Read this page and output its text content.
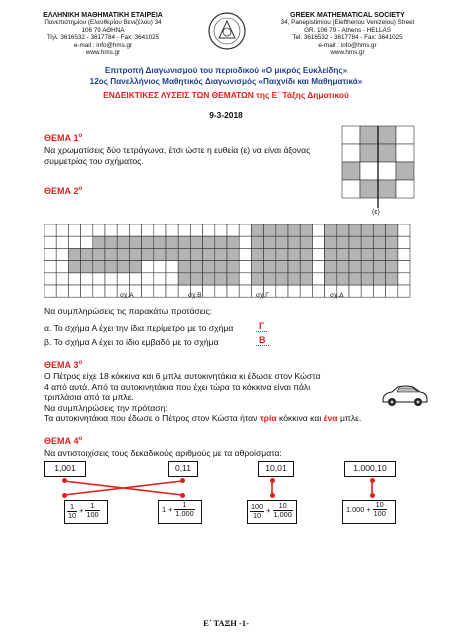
ΕΛΛΗΝΙΚΗ ΜΑΘΗΜΑΤΙΚΗ ΕΤΑΙΡΕΙΑ
Πανεπιστημίου (Ελευθερίου Βενιζέλου) 34
106 79 ΑΘΗΝΑ
Τηλ. 3616532 - 3617784 - Fax: 3641025
e-mail : info@hms.gr
www.hms.gr
GREEK MATHEMATICAL SOCIETY
34, Panepistimiou (Εleftheriou Venizelou) Street
GR. 106 79 - Athens - HELLAS
Tel. 3616532 - 3617784 - Fax: 3641025
e-mail : info@hms.gr
www.hms.gr
Επιτροπή Διαγωνισμού του περιοδικού «Ο μικρός Ευκλείδης»
12ος Πανελλήνιος Μαθητικός Διαγωνισμός «Παιχνίδι και Μαθηματικά»
ΕΝΔΕΙΚΤΙΚΕΣ ΛΥΣΕΙΣ ΤΩΝ ΘΕΜΑΤΩΝ της Ε΄ Τάξης Δημοτικού
9-3-2018
ΘΕΜΑ $1^o$
Να χρωματίσεις δύο τετράγωνα, έτσι ώστε η ευθεία (ε) να είναι άξονας
συμμετρίας του σχήματος.
(ε)
ΘΕΜΑ $2^o$
σχ.Α	σχ.Β	σχ.Γ	σχ.Δ
Να συμπληρώσεις τις παρακάτω προτάσεις:
α. Το σχήμα Α έχει την ίδια περίμετρο με το σχήμα	Γ
β. Το σχήμα Α έχει το ίδιο εμβαδό με το σχήμα	Β
ΘΕΜΑ $3^o$
Ο Πέτρος είχε 18 κόκκινα και 6 μπλε αυτοκινητάκια κι έδωσε στον Κώστα
4 από αυτά. Από τα αυτοκινητάκια που έχει τώρα τα κόκκινα είναι πάλι
τριπλάσια από τα μπλε.
Να συμπληρώσεις την πρόταση:
Τα αυτοκινητάκια που έδωσε ο Πέτρος στον Κώστα ήταν τρία κόκκινα και ένα μπλε.
ΘΕΜΑ $4^o$
Να αντιστοιχίσεις τους δεκαδικούς αριθμούς με τα αθροίσματα:
1,001	0,11	10,01	1.000,10
$\frac{1}{10} + \frac{1}{100}$	$1 + \frac{1}{1.000}$	$\frac{100}{10} + \frac{10}{1.000}$	$1.000 + \frac{10}{100}$
Ε΄ ΤΑΞΗ -1-
